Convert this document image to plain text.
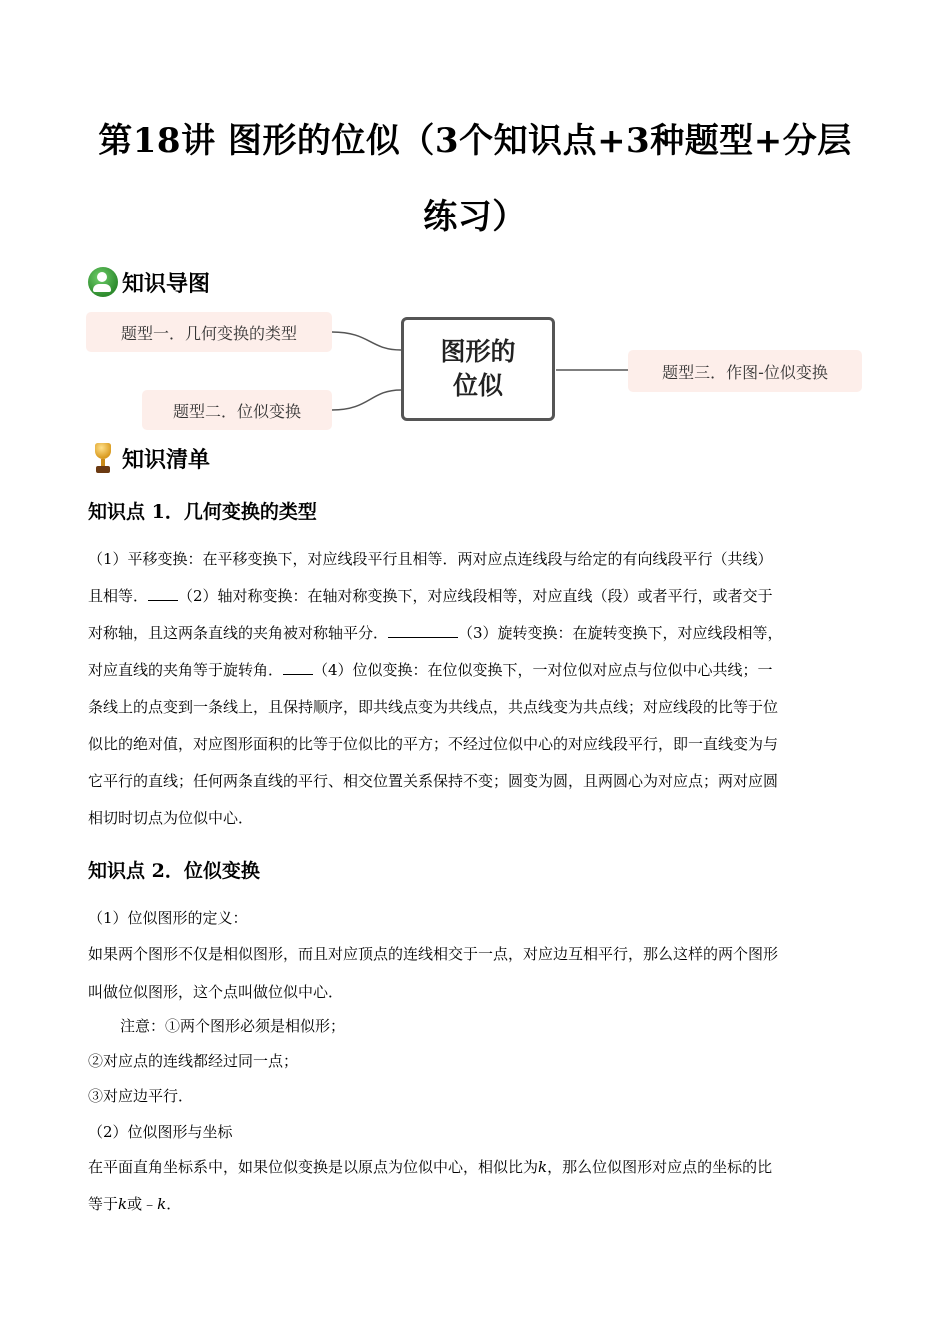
第18讲 图形的位似（3个知识点+3种题型+分层
练习）
知识导图
题型一．几何变换的类型
题型二．位似变换
图形的
位似	题型三．作图-位似变换
知识清单
知识点 1．几何变换的类型
（1）平移变换：在平移变换下，对应线段平行且相等．两对应点连线段与给定的有向线段平行（共线）
且相等． （2）轴对称变换：在轴对称变换下，对应线段相等，对应直线（段）或者平行，或者交于
对称轴，且这两条直线的夹角被对称轴平分．	（3）旋转变换：在旋转变换下，对应线段相等，
对应直线的夹角等于旋转角． （4）位似变换：在位似变换下，一对位似对应点与位似中心共线；一
条线上的点变到一条线上，且保持顺序，即共线点变为共线点，共点线变为共点线；对应线段的比等于位
似比的绝对值，对应图形面积的比等于位似比的平方；不经过位似中心的对应线段平行，即一直线变为与
它平行的直线；任何两条直线的平行、相交位置关系保持不变；圆变为圆，且两圆心为对应点；两对应圆
相切时切点为位似中心．
知识点 2．位似变换
（1）位似图形的定义：
如果两个图形不仅是相似图形，而且对应顶点的连线相交于一点，对应边互相平行，那么这样的两个图形
叫做位似图形，这个点叫做位似中心．
注意：①两个图形必须是相似形；
②对应点的连线都经过同一点；
③对应边平行．
（2）位似图形与坐标
在平面直角坐标系中，如果位似变换是以原点为位似中心，相似比为k，那么位似图形对应点的坐标的比
等于k或﹣k．
